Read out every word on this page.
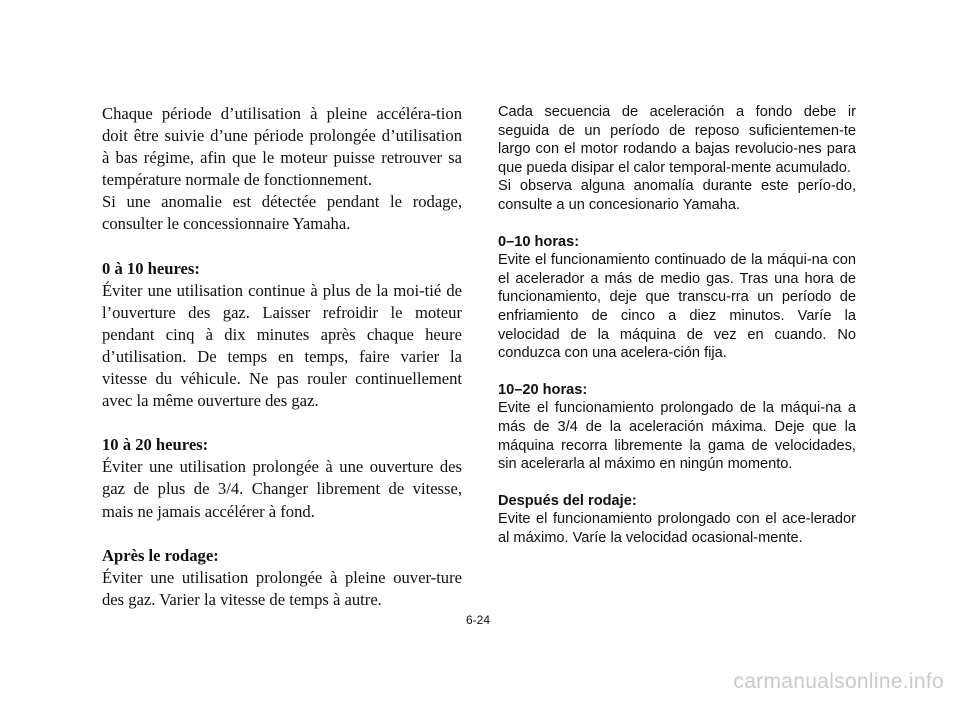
Chaque période d’utilisation à pleine accéléra-tion doit être suivie d’une période prolongée d’utilisation à bas régime, afin que le moteur puisse retrouver sa température normale de fonctionnement.

Si une anomalie est détectée pendant le rodage, consulter le concessionnaire Yamaha.

0 à 10 heures:

Éviter une utilisation continue à plus de la moi-tié de l’ouverture des gaz. Laisser refroidir le moteur pendant cinq à dix minutes après chaque heure d’utilisation. De temps en temps, faire varier la vitesse du véhicule. Ne pas rouler continuellement avec la même ouverture des gaz.

10 à 20 heures:

Éviter une utilisation prolongée à une ouverture des gaz de plus de 3/4. Changer librement de vitesse, mais ne jamais accélérer à fond.

Après le rodage:

Éviter une utilisation prolongée à pleine ouver-ture des gaz. Varier la vitesse de temps à autre.

Cada secuencia de aceleración a fondo debe ir seguida de un período de reposo suficientemen-te largo con el motor rodando a bajas revolucio-nes para que pueda disipar el calor temporal-mente acumulado.

Si observa alguna anomalía durante este perío-do, consulte a un concesionario Yamaha.

0–10 horas:

Evite el funcionamiento continuado de la máqui-na con el acelerador a más de medio gas. Tras una hora de funcionamiento, deje que transcu-rra un período de enfriamiento de cinco a diez minutos. Varíe la velocidad de la máquina de vez en cuando. No conduzca con una acelera-ción fija.

10–20 horas:

Evite el funcionamiento prolongado de la máqui-na a más de 3/4 de la aceleración máxima. Deje que la máquina recorra libremente la gama de velocidades, sin acelerarla al máximo en ningún momento.

Después del rodaje:

Evite el funcionamiento prolongado con el ace-lerador al máximo. Varíe la velocidad ocasional-mente.

6-24
carmanualsonline.info
